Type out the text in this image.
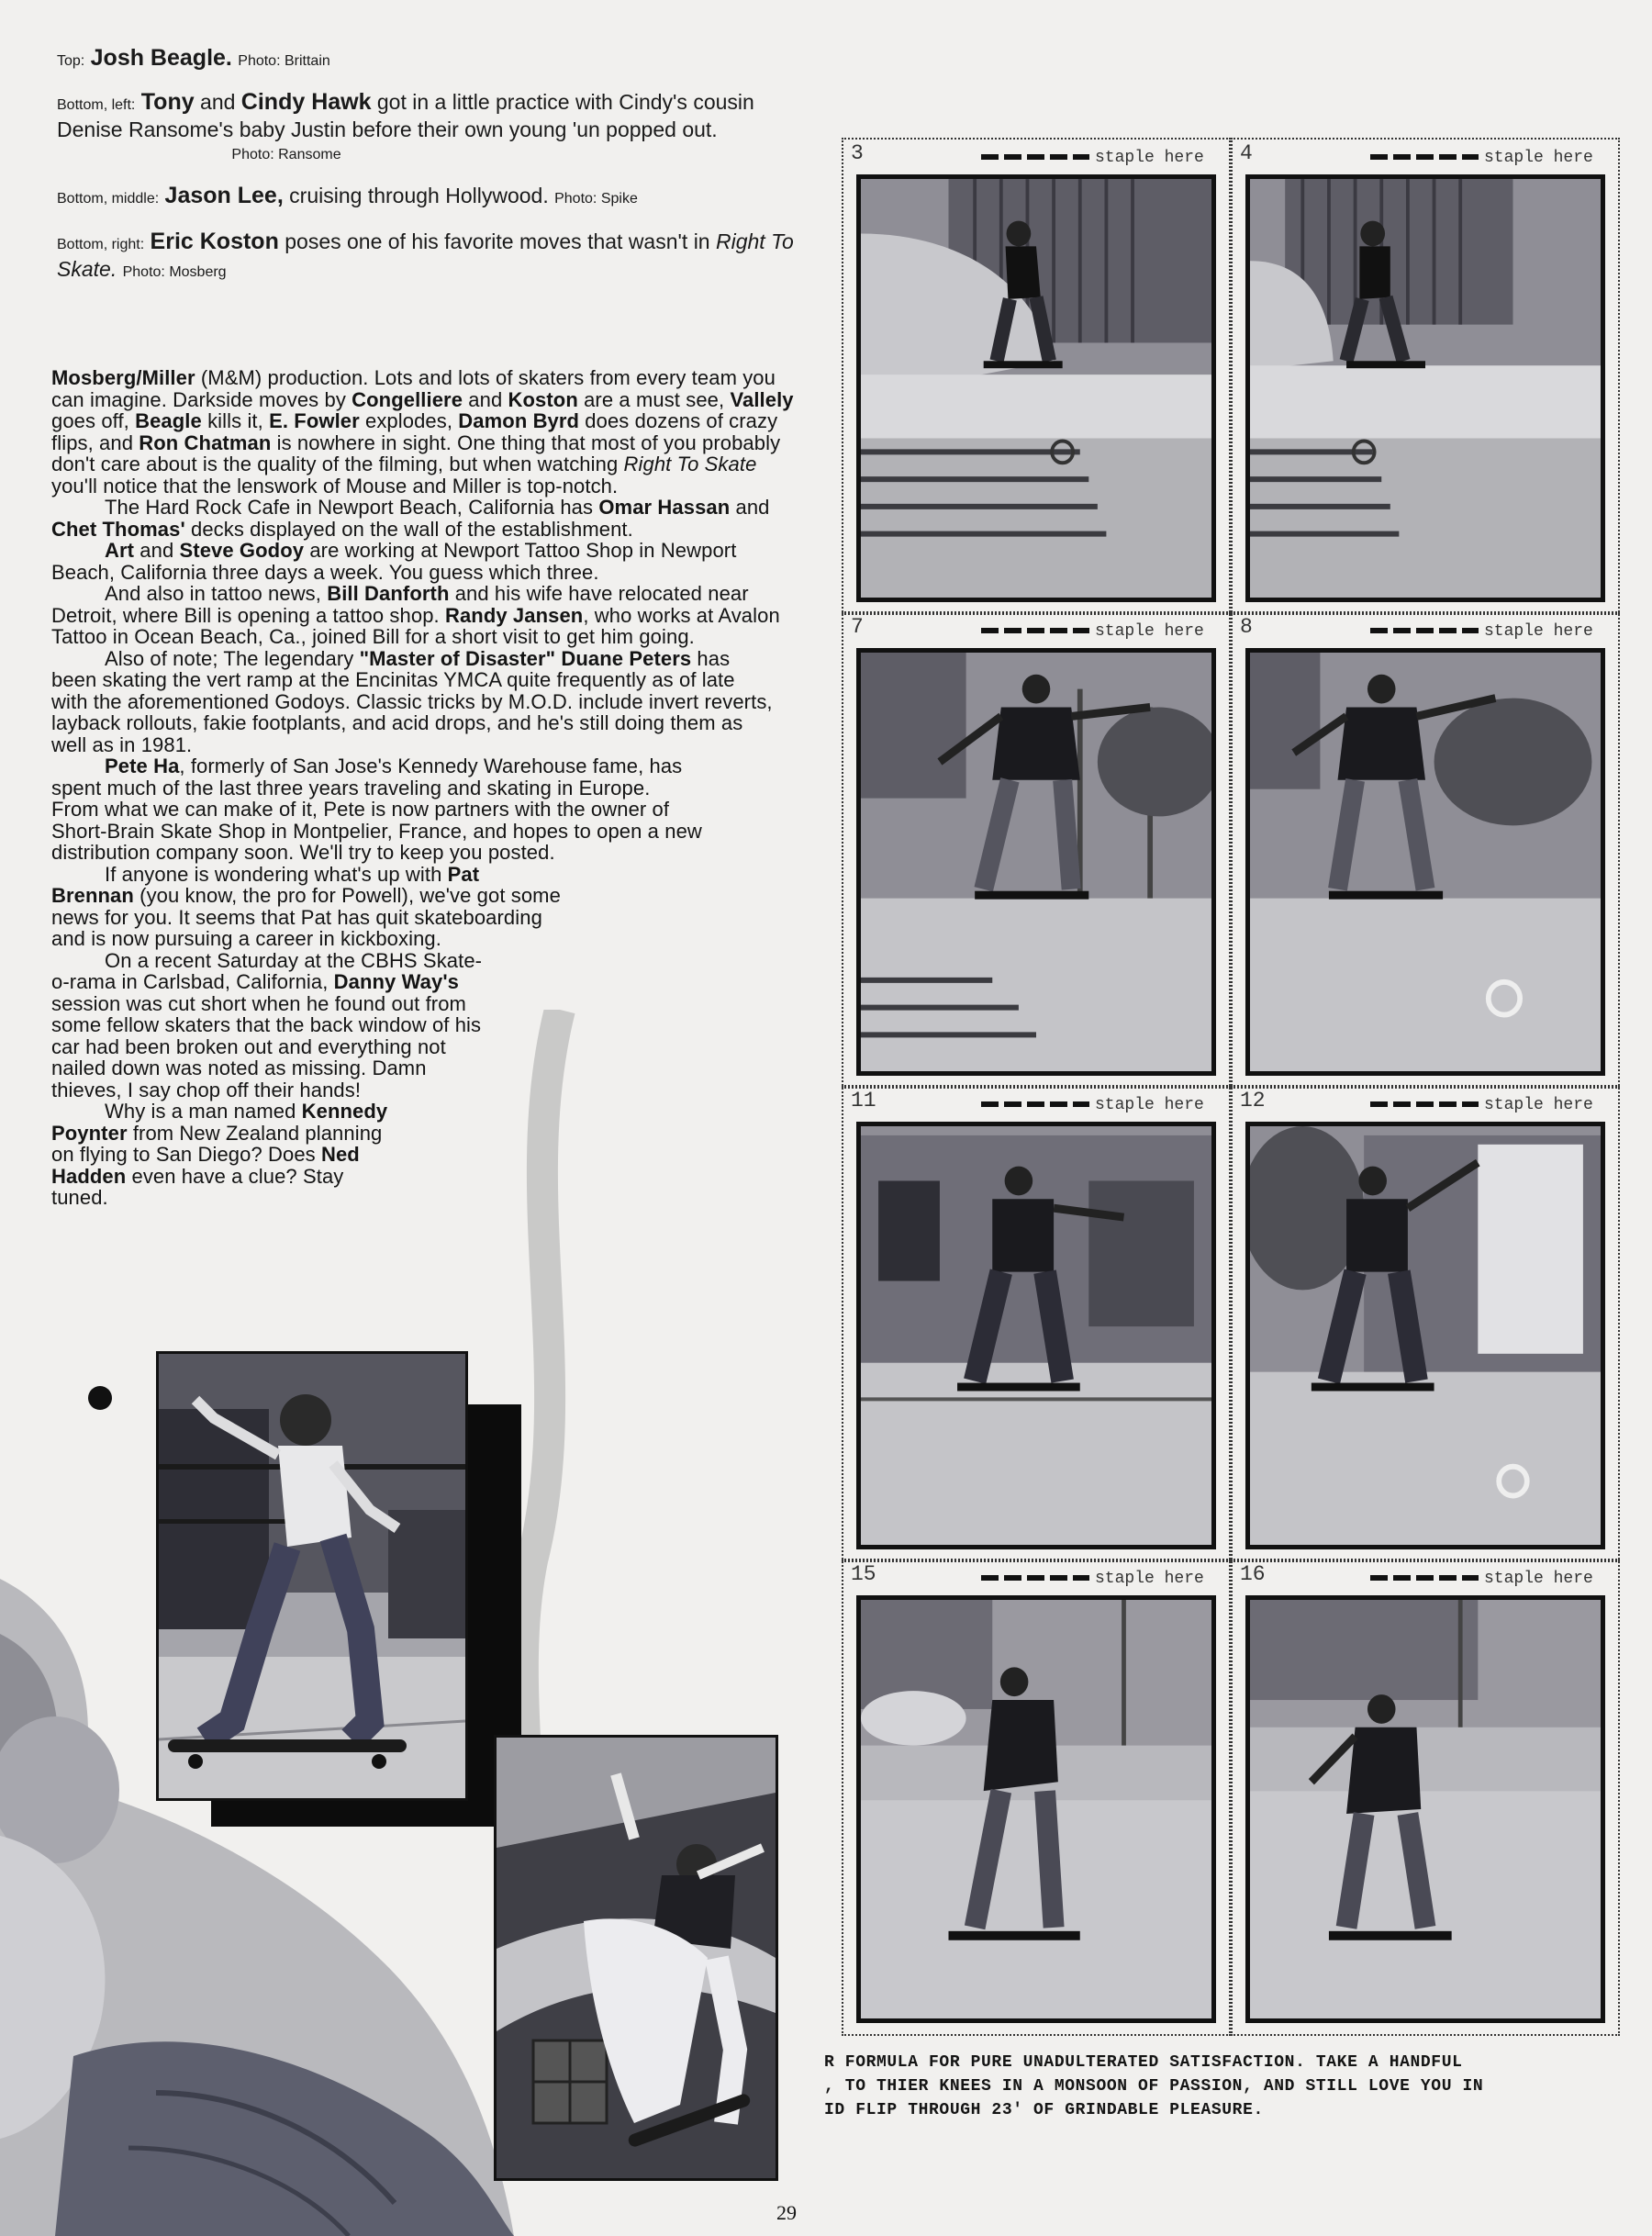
Top: Josh Beagle. Photo: Brittain
Bottom, left: Tony and Cindy Hawk got in a little practice with Cindy's cousin Denise Ransome's baby Justin before their own young 'un popped out.
Photo: Ransome
Bottom, middle: Jason Lee, cruising through Hollywood. Photo: Spike
Bottom, right: Eric Koston poses one of his favorite moves that wasn't in Right To Skate. Photo: Mosberg

Mosberg/Miller (M&M) production. Lots and lots of skaters from every team you can imagine. Darkside moves by Congelliere and Koston are a must see, Vallely goes off, Beagle kills it, E. Fowler explodes, Damon Byrd does dozens of crazy flips, and Ron Chatman is nowhere in sight. One thing that most of you probably don't care about is the quality of the filming, but when watching Right To Skate you'll notice that the lenswork of Mouse and Miller is top-notch.

The Hard Rock Cafe in Newport Beach, California has Omar Hassan and Chet Thomas' decks displayed on the wall of the establishment.

Art and Steve Godoy are working at Newport Tattoo Shop in Newport Beach, California three days a week. You guess which three.

And also in tattoo news, Bill Danforth and his wife have relocated near Detroit, where Bill is opening a tattoo shop. Randy Jansen, who works at Avalon Tattoo in Ocean Beach, Ca., joined Bill for a short visit to get him going.

Also of note; The legendary "Master of Disaster" Duane Peters has been skating the vert ramp at the Encinitas YMCA quite frequently as of late with the aforementioned Godoys. Classic tricks by M.O.D. include invert reverts, layback rollouts, fakie footplants, and acid drops, and he's still doing them as well as in 1981.

Pete Ha, formerly of San Jose's Kennedy Warehouse fame, has spent much of the last three years traveling and skating in Europe. From what we can make of it, Pete is now partners with the owner of Short-Brain Skate Shop in Montpelier, France, and hopes to open a new distribution company soon. We'll try to keep you posted.

If anyone is wondering what's up with Pat Brennan (you know, the pro for Powell), we've got some news for you. It seems that Pat has quit skateboarding and is now pursuing a career in kickboxing.

On a recent Saturday at the CBHS Skate-o-rama in Carlsbad, California, Danny Way's session was cut short when he found out from some fellow skaters that the back window of his car had been broken out and everything not nailed down was noted as missing. Damn thieves, I say chop off their hands!

Why is a man named Kennedy Poynter from New Zealand planning on flying to San Diego? Does Ned Hadden even have a clue? Stay tuned.

3	staple here 4	staple here
7	staple here 8	staple here
11	staple here 12	staple here
15	staple here 16	staple here
R FORMULA FOR PURE UNADULTERATED SATISFACTION. TAKE A HANDFUL
, TO THIER KNEES IN A MONSOON OF PASSION, AND STILL LOVE YOU IN
ID FLIP THROUGH 23' OF GRINDABLE PLEASURE.
29
